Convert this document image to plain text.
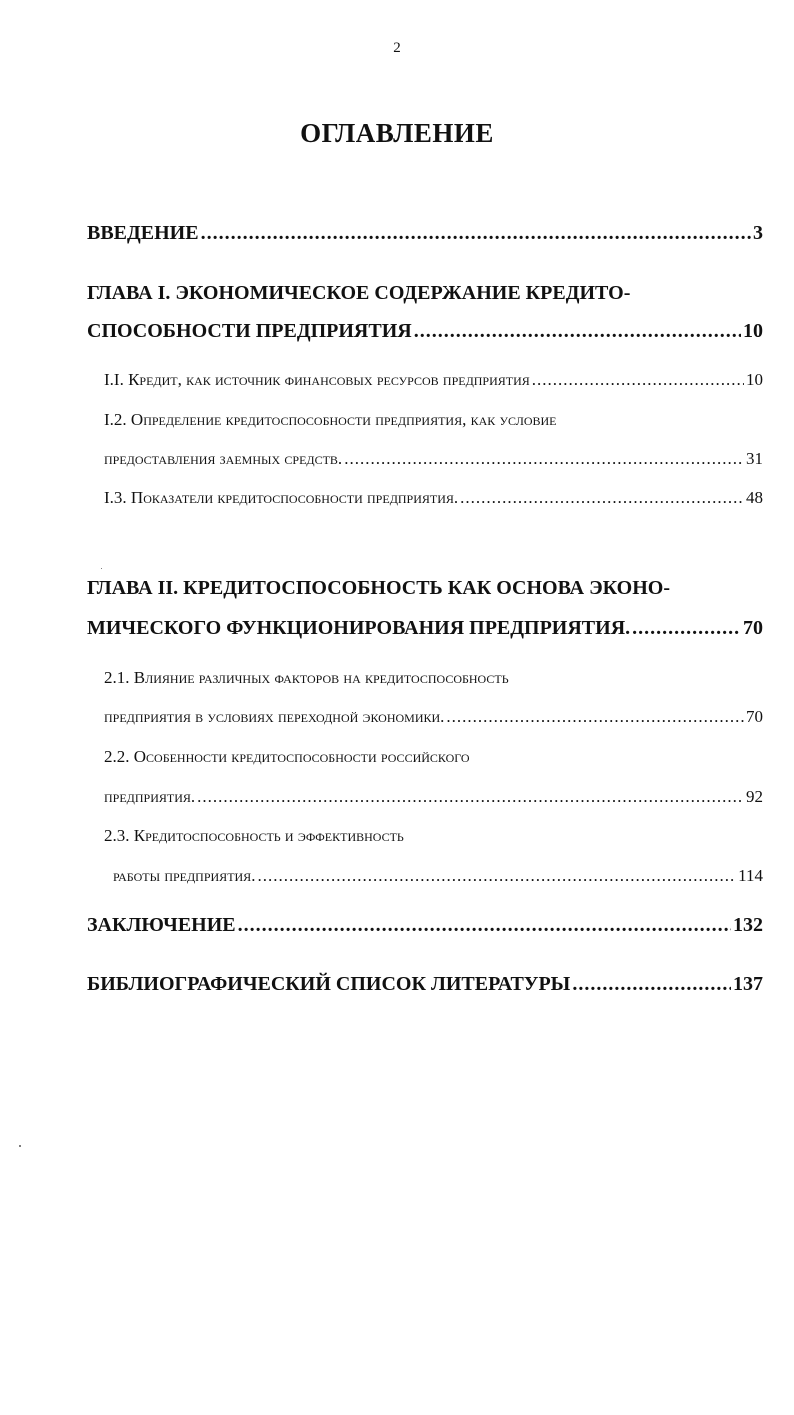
2
ОГЛАВЛЕНИЕ
ВВЕДЕНИЕ .....	3
ГЛАВА I. ЭКОНОМИЧЕСКОЕ СОДЕРЖАНИЕ КРЕДИТО-
СПОСОБНОСТИ ПРЕДПРИЯТИЯ .....	10
I.I. Кредит, как источник финансовых ресурсов предприятия .....	10
I.2. Определение кредитоспособности предприятия, как условие
предоставления заемных средств. .....	31
I.3. Показатели кредитоспособности предприятия. .....	48
ГЛАВА II. КРЕДИТОСПОСОБНОСТЬ КАК ОСНОВА ЭКОНО-
МИЧЕСКОГО ФУНКЦИОНИРОВАНИЯ ПРЕДПРИЯТИЯ. .....	70
2.1. Влияние различных факторов на кредитоспособность
предприятия в условиях переходной экономики. .....	70
2.2. Особенности кредитоспособности российского
предприятия. .....	92
2.3. Кредитоспособность и эффективность
работы предприятия. .....	114
ЗАКЛЮЧЕНИЕ .....	132
БИБЛИОГРАФИЧЕСКИЙ СПИСОК ЛИТЕРАТУРЫ .....	137
